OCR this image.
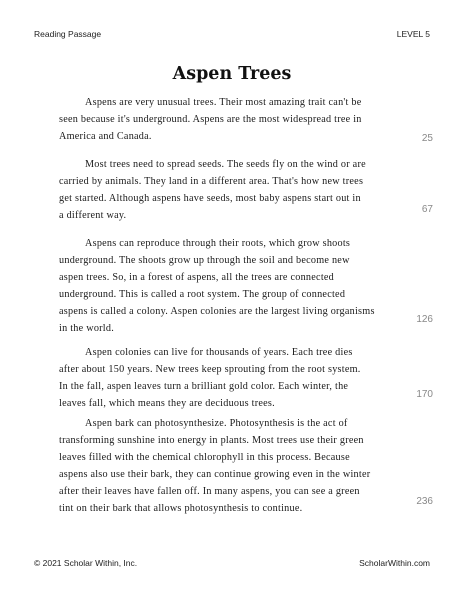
Reading Passage	LEVEL 5
Aspen Trees
Aspens are very unusual trees. Their most amazing trait can't be
seen because it's underground. Aspens are the most widespread tree in
America and Canada.	25
Most trees need to spread seeds. The seeds fly on the wind or are
carried by animals. They land in a different area. That's how new trees
get started. Although aspens have seeds, most baby aspens start out in
a different way.
67
Aspens can reproduce through their roots, which grow shoots
underground. The shoots grow up through the soil and become new
aspen trees. So, in a forest of aspens, all the trees are connected
underground. This is called a root system. The group of connected
aspens is called a colony. Aspen colonies are the largest living organisms
in the world.
126
Aspen colonies can live for thousands of years. Each tree dies
after about 150 years. New trees keep sprouting from the root system.
In the fall, aspen leaves turn a brilliant gold color. Each winter, the
leaves fall, which means they are deciduous trees.
170
Aspen bark can photosynthesize. Photosynthesis is the act of
transforming sunshine into energy in plants. Most trees use their green
leaves filled with the chemical chlorophyll in this process. Because
aspens also use their bark, they can continue growing even in the winter
after their leaves have fallen off. In many aspens, you can see a green
tint on their bark that allows photosynthesis to continue.
236
© 2021 Scholar Within, Inc.	ScholarWithin.com
